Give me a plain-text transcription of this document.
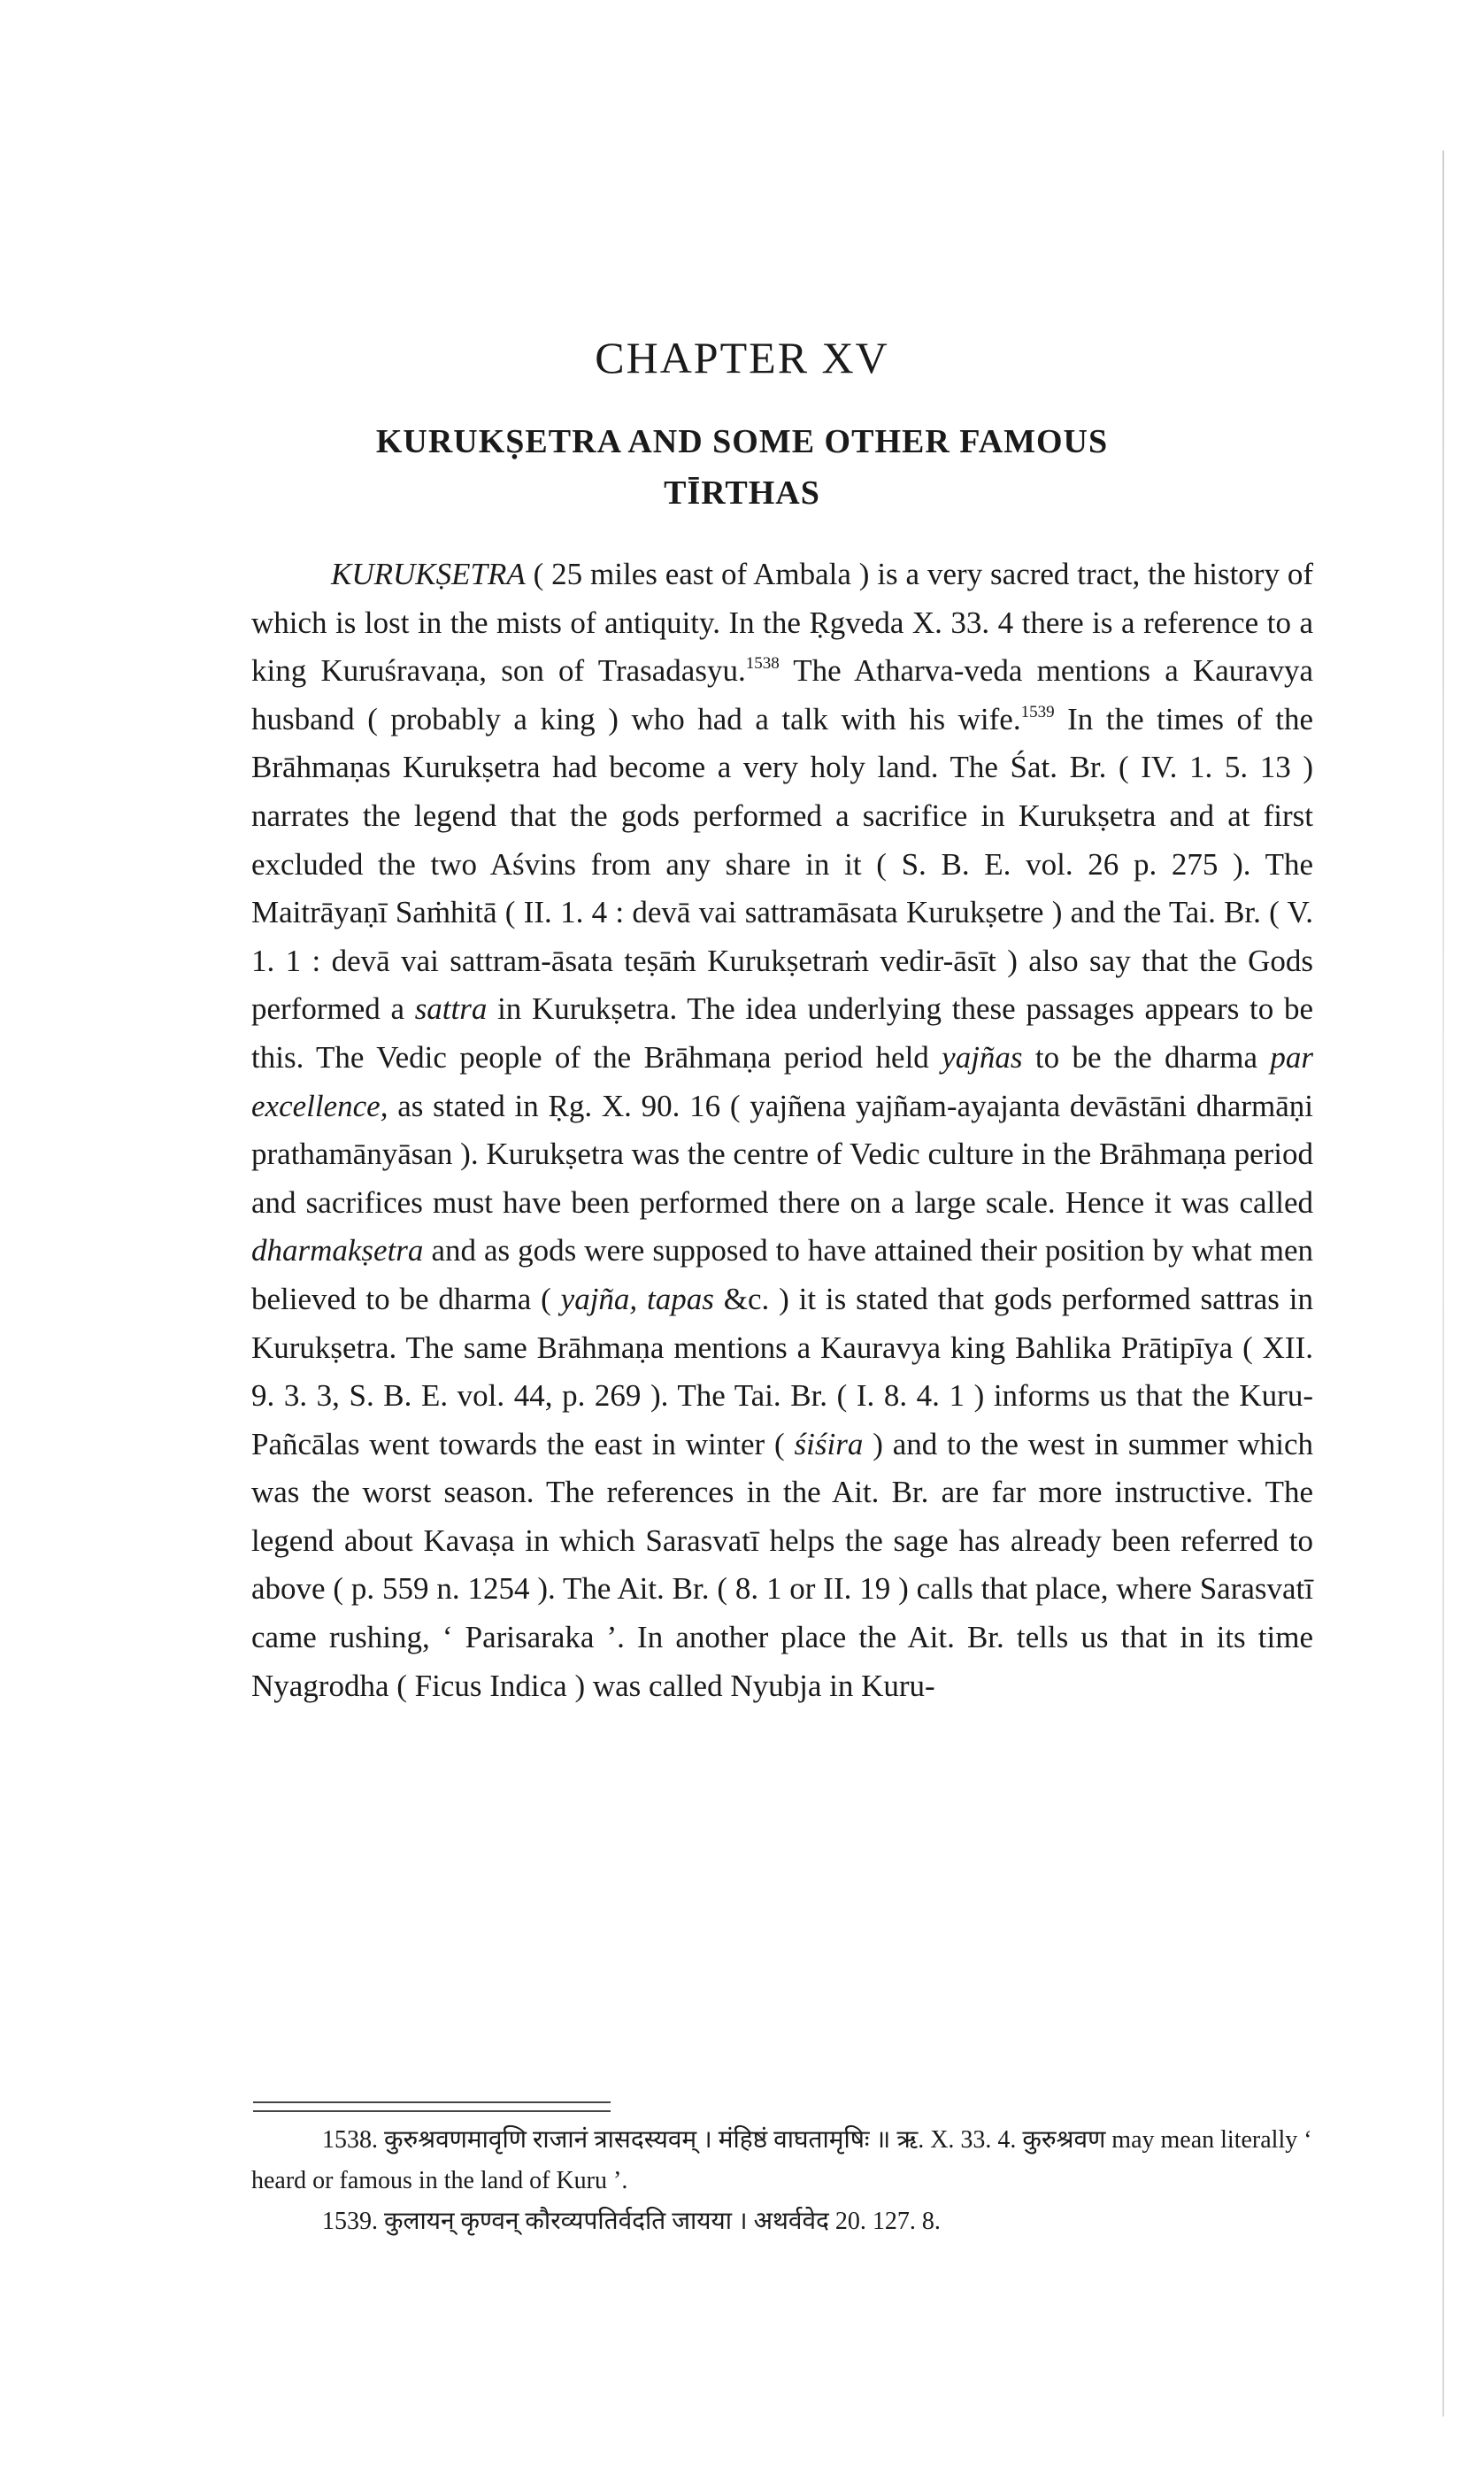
CHAPTER XV
KURUKṢETRA AND SOME OTHER FAMOUS
TĪRTHAS

KURUKṢETRA ( 25 miles east of Ambala ) is a very sacred tract, the history of which is lost in the mists of antiquity. In the Ṛgveda X. 33. 4 there is a reference to a king Kuruśravaṇa, son of Trasadasyu.$^{1538}$ The Atharva-veda mentions a Kauravya husband ( probably a king ) who had a talk with his wife.$^{1539}$ In the times of the Brāhmaṇas Kurukṣetra had become a very holy land. The Śat. Br. ( IV. 1. 5. 13 ) narrates the legend that the gods performed a sacrifice in Kurukṣetra and at first excluded the two Aśvins from any share in it ( S. B. E. vol. 26 p. 275 ). The Maitrāyaṇī Saṁhitā ( II. 1. 4 : devā vai sattramāsata Kurukṣetre ) and the Tai. Br. ( V. 1. 1 : devā vai sattram-āsata teṣāṁ Kurukṣetraṁ vedir-āsīt ) also say that the Gods performed a sattra in Kurukṣetra. The idea underlying these passages appears to be this. The Vedic people of the Brāhmaṇa period held yajñas to be the dharma par excellence, as stated in Ṛg. X. 90. 16 ( yajñena yajñam-ayajanta devāstāni dharmāṇi prathamānyāsan ). Kurukṣetra was the centre of Vedic culture in the Brāhmaṇa period and sacrifices must have been performed there on a large scale. Hence it was called dharmakṣetra and as gods were supposed to have attained their position by what men believed to be dharma ( yajña, tapas &c. ) it is stated that gods performed sattras in Kurukṣetra. The same Brāhmaṇa mentions a Kauravya king Bahlika Prātipīya ( XII. 9. 3. 3, S. B. E. vol. 44, p. 269 ). The Tai. Br. ( I. 8. 4. 1 ) informs us that the Kuru-Pañcālas went towards the east in winter ( śiśira ) and to the west in summer which was the worst season. The references in the Ait. Br. are far more instructive. The legend about Kavaṣa in which Sarasvatī helps the sage has already been referred to above ( p. 559 n. 1254 ). The Ait. Br. ( 8. 1 or II. 19 ) calls that place, where Sarasvatī came rushing, ‘ Parisaraka ’. In another place the Ait. Br. tells us that in its time Nyagrodha ( Ficus Indica ) was called Nyubja in Kuru-

1538. कुरुश्रवणमावृणि राजानं त्रासदस्यवम् । मंहिष्ठं वाघतामृषिः ॥ ऋ. X. 33. 4. कुरुश्रवण may mean literally ‘ heard or famous in the land of Kuru ’.

1539. कुलायन् कृण्वन् कौरव्यपतिर्वदति जायया । अथर्ववेद 20. 127. 8.
